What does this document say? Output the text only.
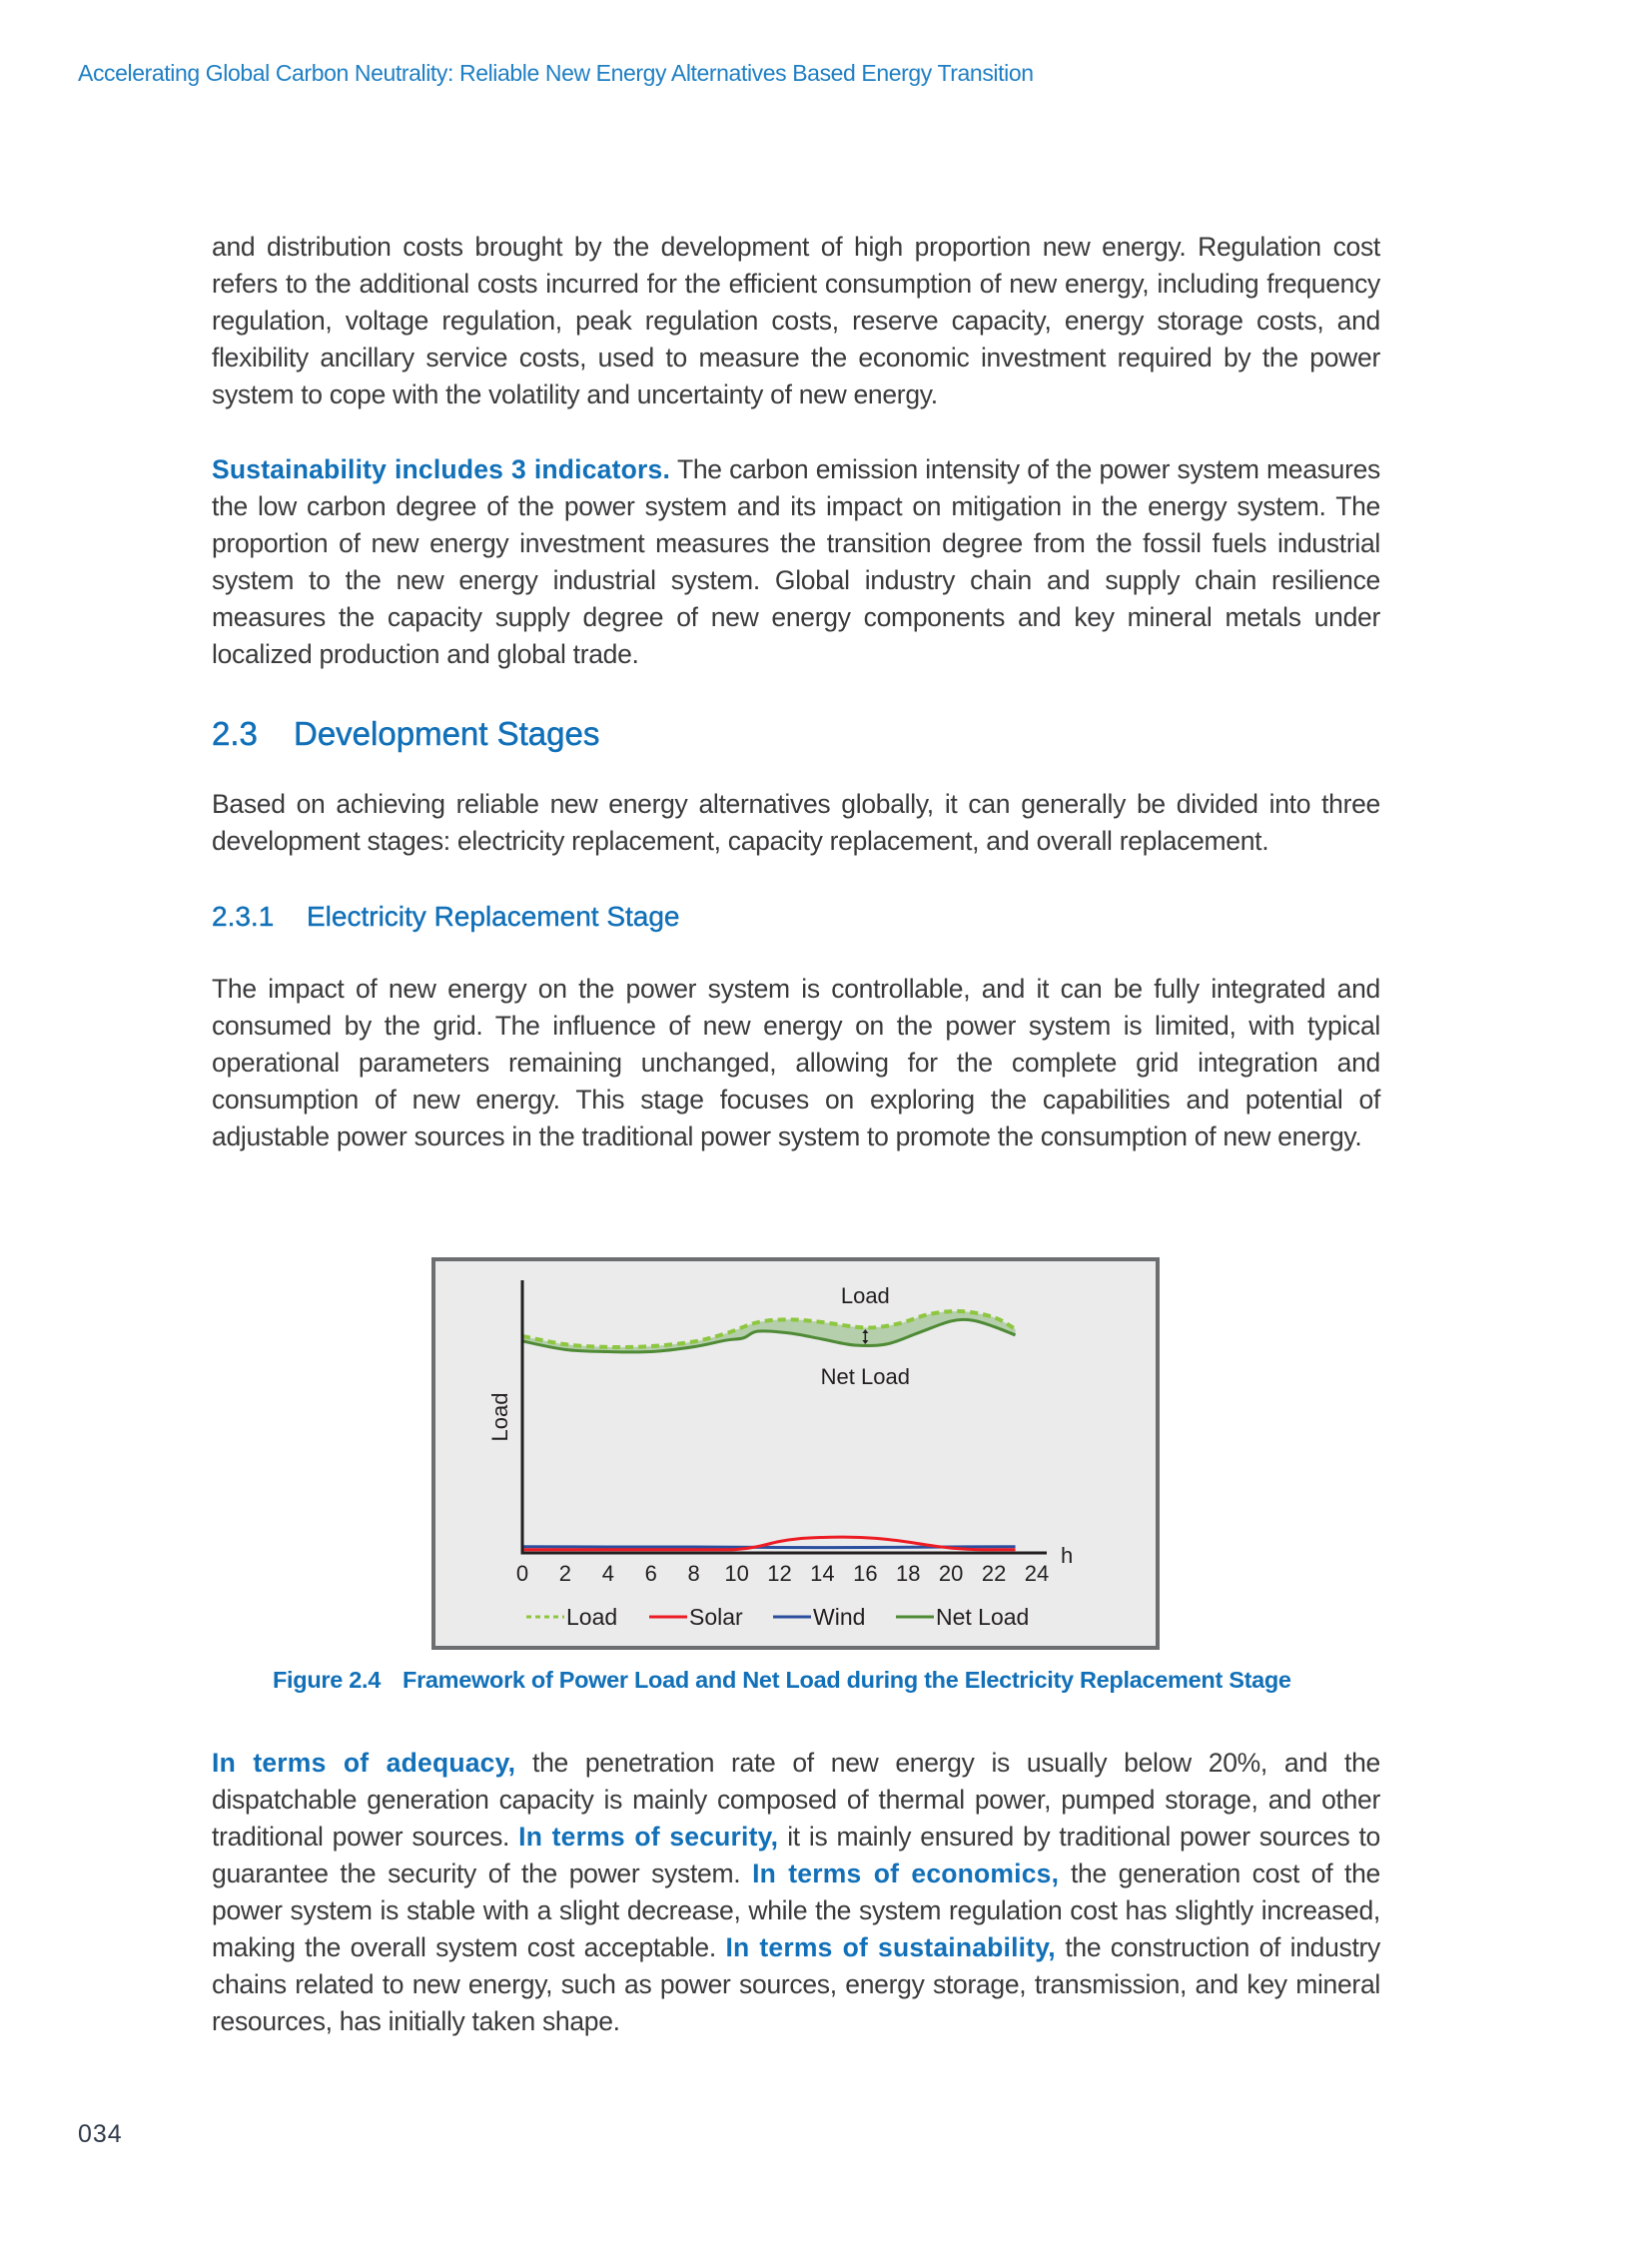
Accelerating Global Carbon Neutrality: Reliable New Energy Alternatives Based Energy Transition

and distribution costs brought by the development of high proportion new energy. Regulation cost refers to the additional costs incurred for the efficient consumption of new energy, including frequency regulation, voltage regulation, peak regulation costs, reserve capacity, energy storage costs, and flexibility ancillary service costs, used to measure the economic investment required by the power system to cope with the volatility and uncertainty of new energy.

Sustainability includes 3 indicators. The carbon emission intensity of the power system measures the low carbon degree of the power system and its impact on mitigation in the energy system. The proportion of new energy investment measures the transition degree from the fossil fuels industrial system to the new energy industrial system. Global industry chain and supply chain resilience measures the capacity supply degree of new energy components and key mineral metals under localized production and global trade.

2.3 Development Stages

Based on achieving reliable new energy alternatives globally, it can generally be divided into three development stages: electricity replacement, capacity replacement, and overall replacement.

2.3.1 Electricity Replacement Stage

The impact of new energy on the power system is controllable, and it can be fully integrated and consumed by the grid. The influence of new energy on the power system is limited, with typical operational parameters remaining unchanged, allowing for the complete grid integration and consumption of new energy. This stage focuses on exploring the capabilities and potential of adjustable power sources in the traditional power system to promote the consumption of new energy.

0 2 4 6 8 10 12 14 16 18 20 22 24
Load
h
Load
Net Load
Load	Solar	Wind	Net Load
Figure 2.4 Framework of Power Load and Net Load during the Electricity Replacement Stage

In terms of adequacy, the penetration rate of new energy is usually below 20%, and the dispatchable generation capacity is mainly composed of thermal power, pumped storage, and other traditional power sources. In terms of security, it is mainly ensured by traditional power sources to guarantee the security of the power system. In terms of economics, the generation cost of the power system is stable with a slight decrease, while the system regulation cost has slightly increased, making the overall system cost acceptable. In terms of sustainability, the construction of industry chains related to new energy, such as power sources, energy storage, transmission, and key mineral resources, has initially taken shape.

034
